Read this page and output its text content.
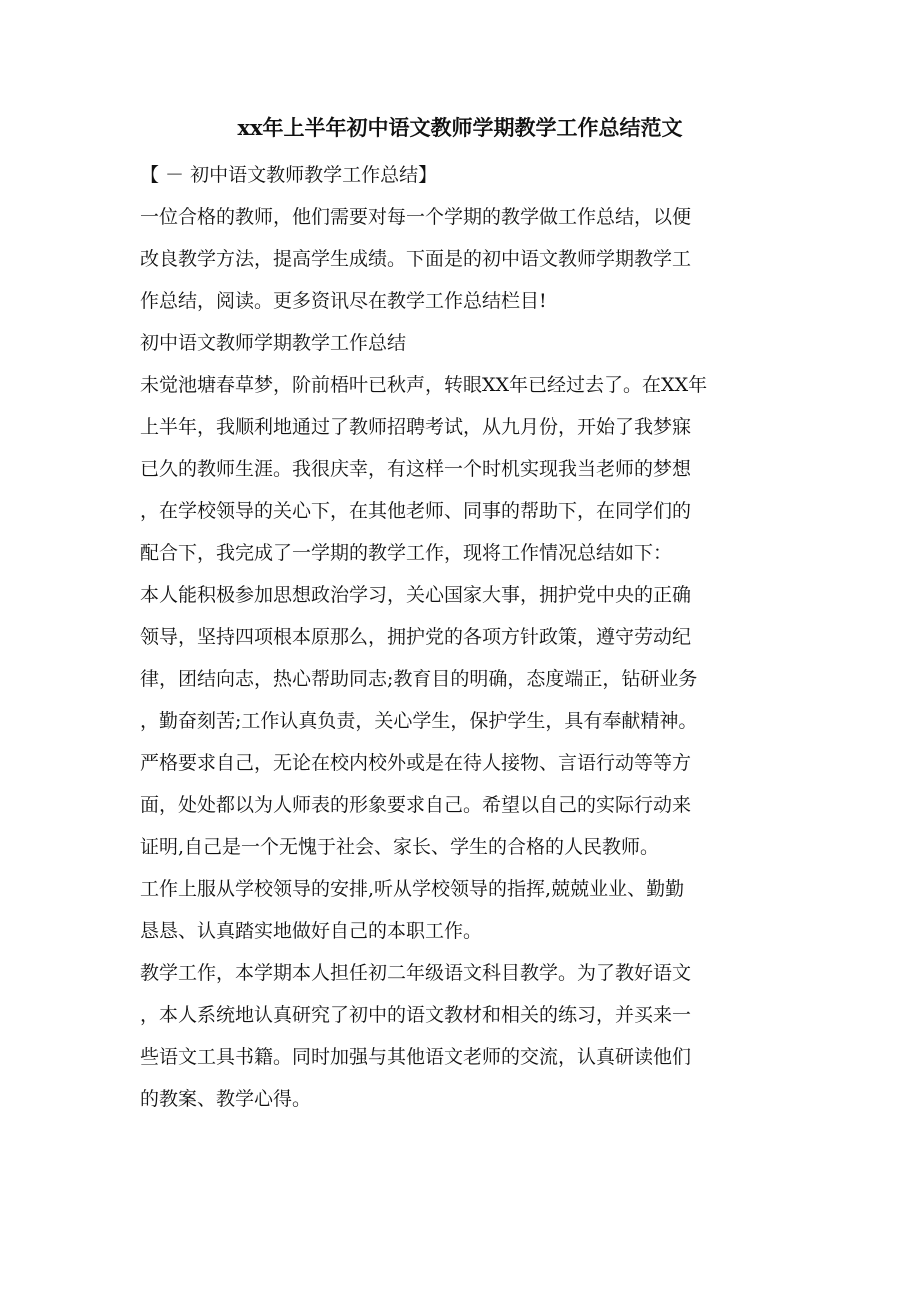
xx年上半年初中语文教师学期教学工作总结范文
【 － 初中语文教师教学工作总结】
一位合格的教师，他们需要对每一个学期的教学做工作总结，以便
改良教学方法，提高学生成绩。下面是的初中语文教师学期教学工
作总结，阅读。更多资讯尽在教学工作总结栏目!
初中语文教师学期教学工作总结
未觉池塘春草梦，阶前梧叶已秋声，转眼XX年已经过去了。在XX年
上半年，我顺利地通过了教师招聘考试，从九月份，开始了我梦寐
已久的教师生涯。我很庆幸，有这样一个时机实现我当老师的梦想
，在学校领导的关心下，在其他老师、同事的帮助下，在同学们的
配合下，我完成了一学期的教学工作，现将工作情况总结如下：
本人能积极参加思想政治学习，关心国家大事，拥护党中央的正确
领导，坚持四项根本原那么，拥护党的各项方针政策，遵守劳动纪
律，团结向志，热心帮助同志;教育目的明确，态度端正，钻研业务
，勤奋刻苦;工作认真负责，关心学生，保护学生，具有奉献精神。
严格要求自己，无论在校内校外或是在待人接物、言语行动等等方
面，处处都以为人师表的形象要求自己。希望以自己的实际行动来
证明,自己是一个无愧于社会、家长、学生的合格的人民教师。
工作上服从学校领导的安排,听从学校领导的指挥,兢兢业业、勤勤
恳恳、认真踏实地做好自己的本职工作。
教学工作，本学期本人担任初二年级语文科目教学。为了教好语文
，本人系统地认真研究了初中的语文教材和相关的练习，并买来一
些语文工具书籍。同时加强与其他语文老师的交流，认真研读他们
的教案、教学心得。
